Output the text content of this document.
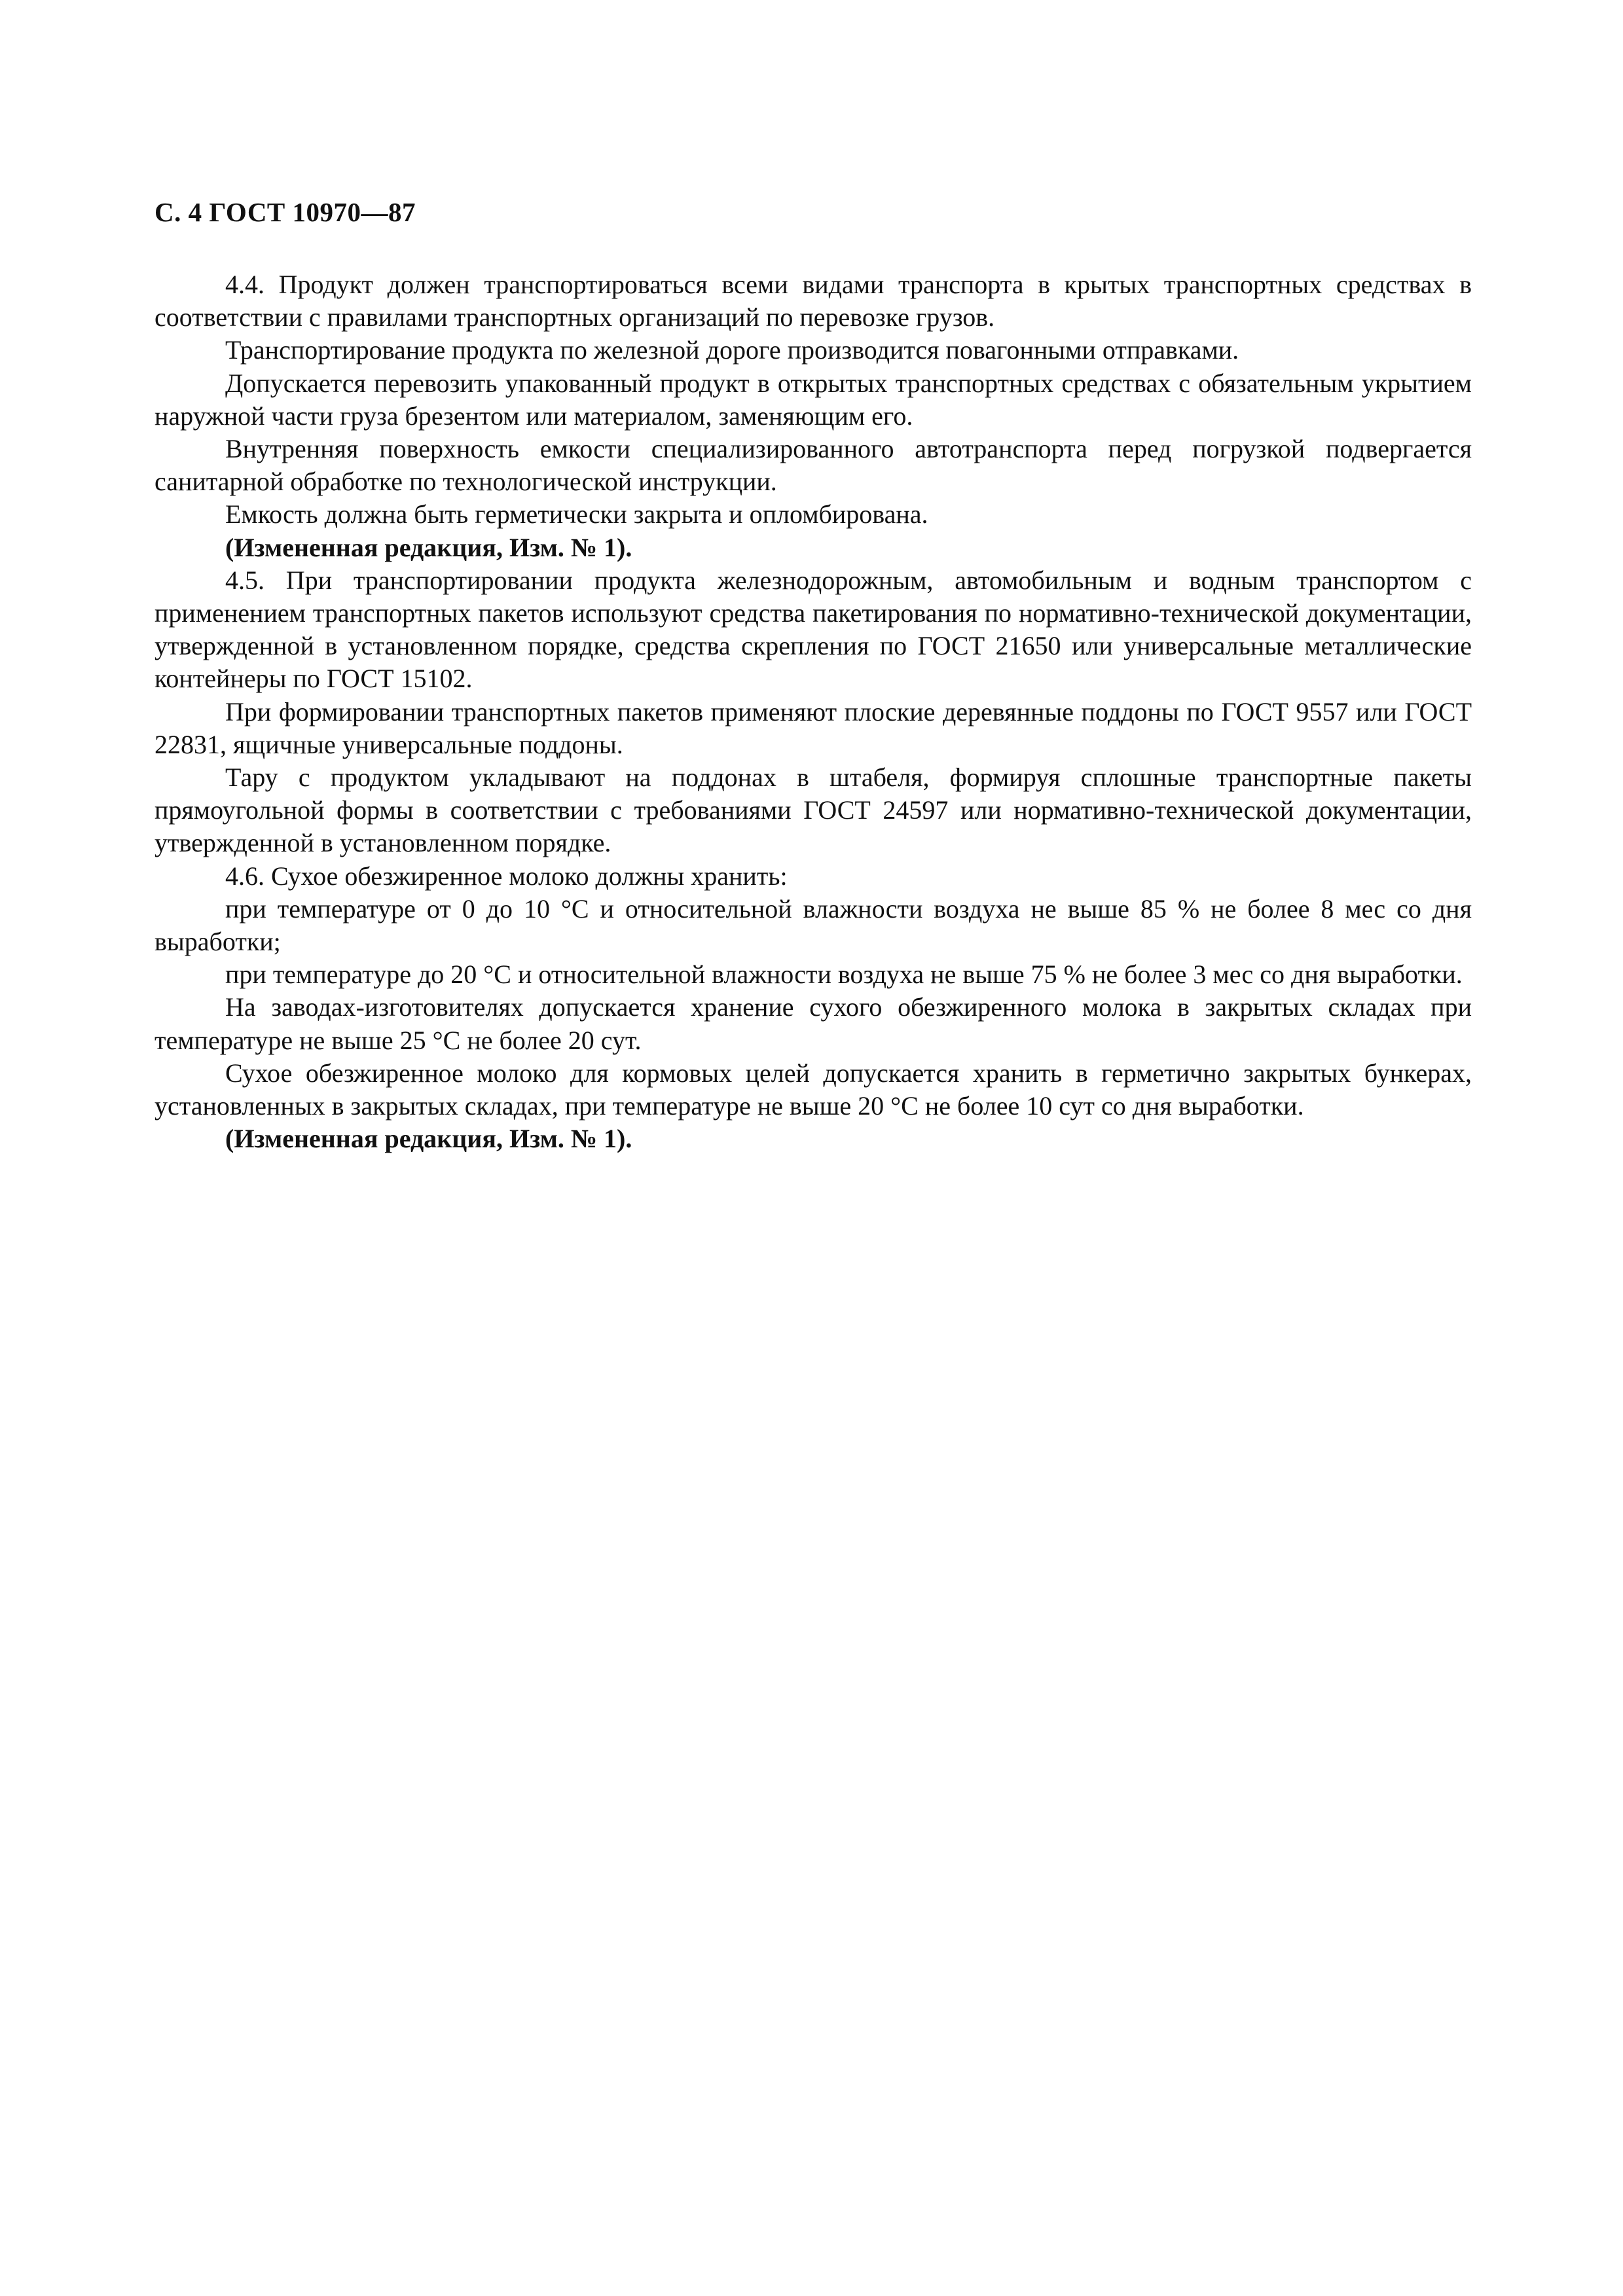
С. 4 ГОСТ 10970—87

4.4. Продукт должен транспортироваться всеми видами транспорта в крытых транспортных средствах в соответствии с правилами транспортных организаций по перевозке грузов.

Транспортирование продукта по железной дороге производится повагонными отправками.

Допускается перевозить упакованный продукт в открытых транспортных средствах с обязательным укрытием наружной части груза брезентом или материалом, заменяющим его.

Внутренняя поверхность емкости специализированного автотранспорта перед погрузкой подвергается санитарной обработке по технологической инструкции.

Емкость должна быть герметически закрыта и опломбирована.

(Измененная редакция, Изм. № 1).

4.5. При транспортировании продукта железнодорожным, автомобильным и водным транспортом с применением транспортных пакетов используют средства пакетирования по нормативно-технической документации, утвержденной в установленном порядке, средства скрепления по ГОСТ 21650 или универсальные металлические контейнеры по ГОСТ 15102.

При формировании транспортных пакетов применяют плоские деревянные поддоны по ГОСТ 9557 или ГОСТ 22831, ящичные универсальные поддоны.

Тару с продуктом укладывают на поддонах в штабеля, формируя сплошные транспортные пакеты прямоугольной формы в соответствии с требованиями ГОСТ 24597 или нормативно-технической документации, утвержденной в установленном порядке.

4.6. Сухое обезжиренное молоко должны хранить:

при температуре от 0 до 10 °С и относительной влажности воздуха не выше 85 % не более 8 мес со дня выработки;

при температуре до 20 °С и относительной влажности воздуха не выше 75 % не более 3 мес со дня выработки.

На заводах-изготовителях допускается хранение сухого обезжиренного молока в закрытых складах при температуре не выше 25 °С не более 20 сут.

Сухое обезжиренное молоко для кормовых целей допускается хранить в герметично закрытых бункерах, установленных в закрытых складах, при температуре не выше 20 °С не более 10 сут со дня выработки.

(Измененная редакция, Изм. № 1).
